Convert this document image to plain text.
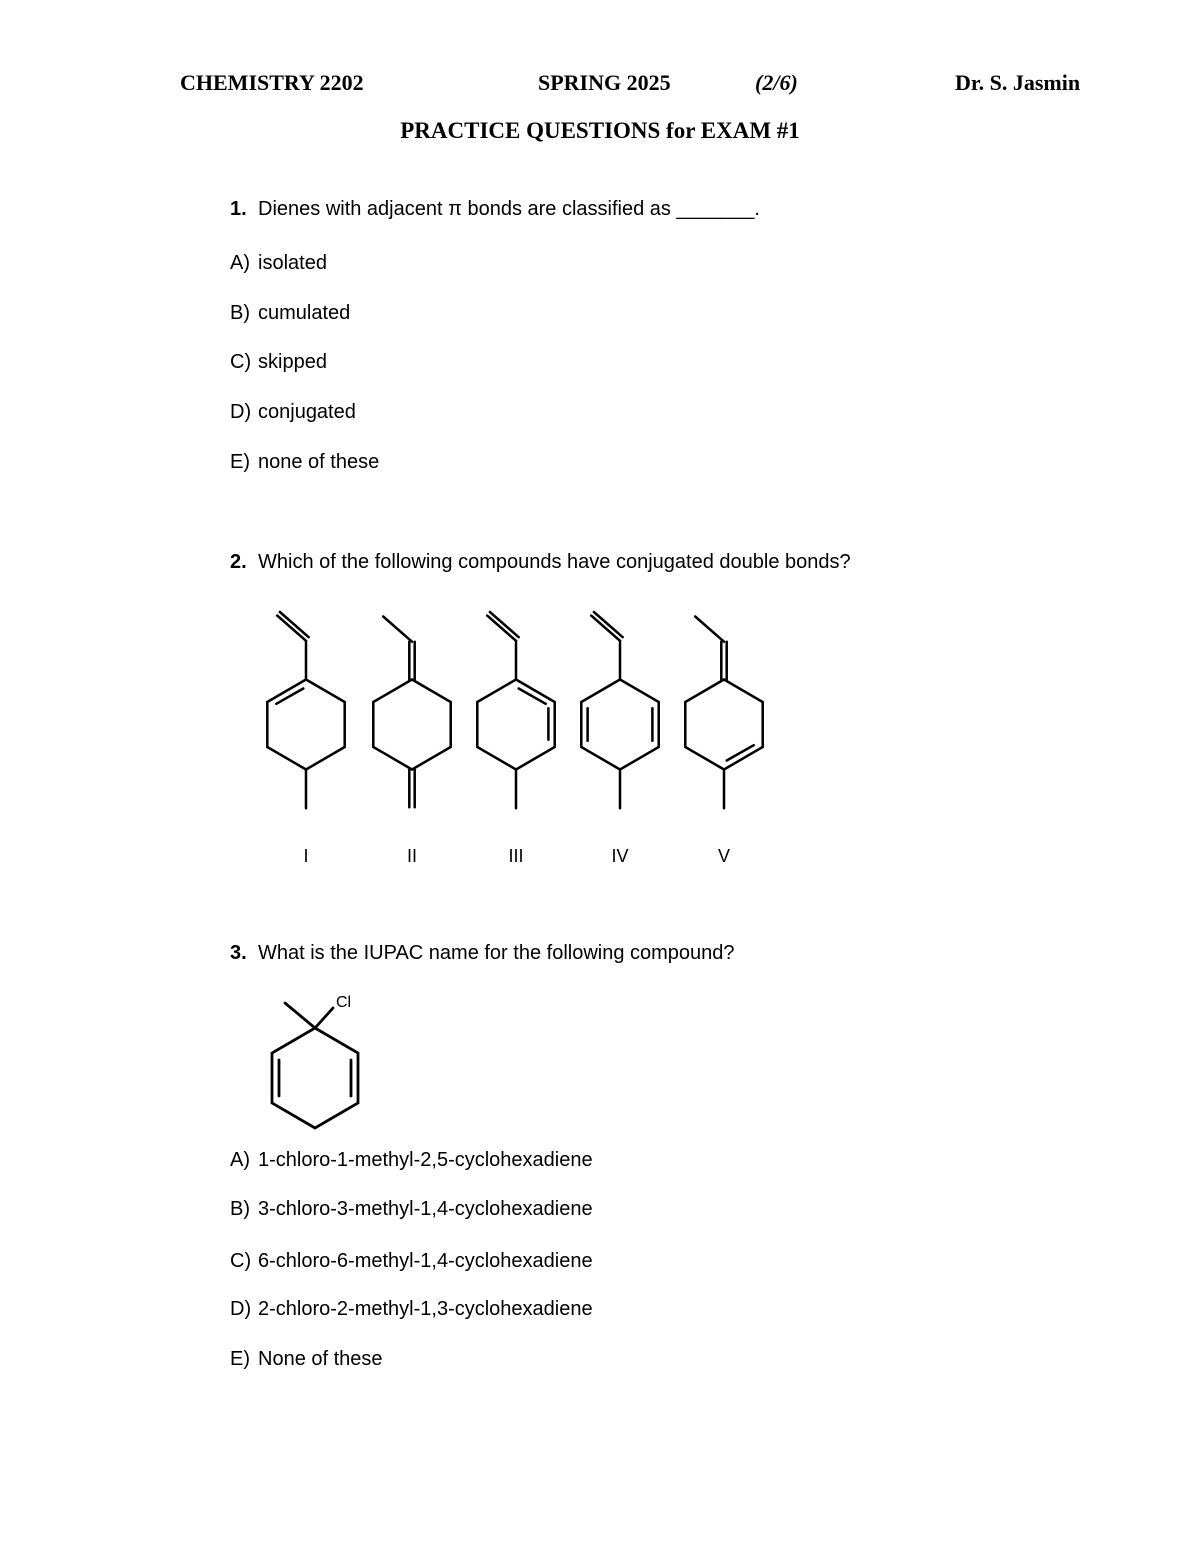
CHEMISTRY 2202	SPRING 2025	(2/6)	Dr. S. Jasmin
PRACTICE QUESTIONS for EXAM #1
1. Dienes with adjacent π bonds are classified as _______.
A) isolated
B) cumulated
C) skipped
D) conjugated
E) none of these
2. Which of the following compounds have conjugated double bonds?
I	II	III	IV	V
3. What is the IUPAC name for the following compound?
Cl
A) 1-chloro-1-methyl-2,5-cyclohexadiene
B) 3-chloro-3-methyl-1,4-cyclohexadiene
C) 6-chloro-6-methyl-1,4-cyclohexadiene
D) 2-chloro-2-methyl-1,3-cyclohexadiene
E) None of these
